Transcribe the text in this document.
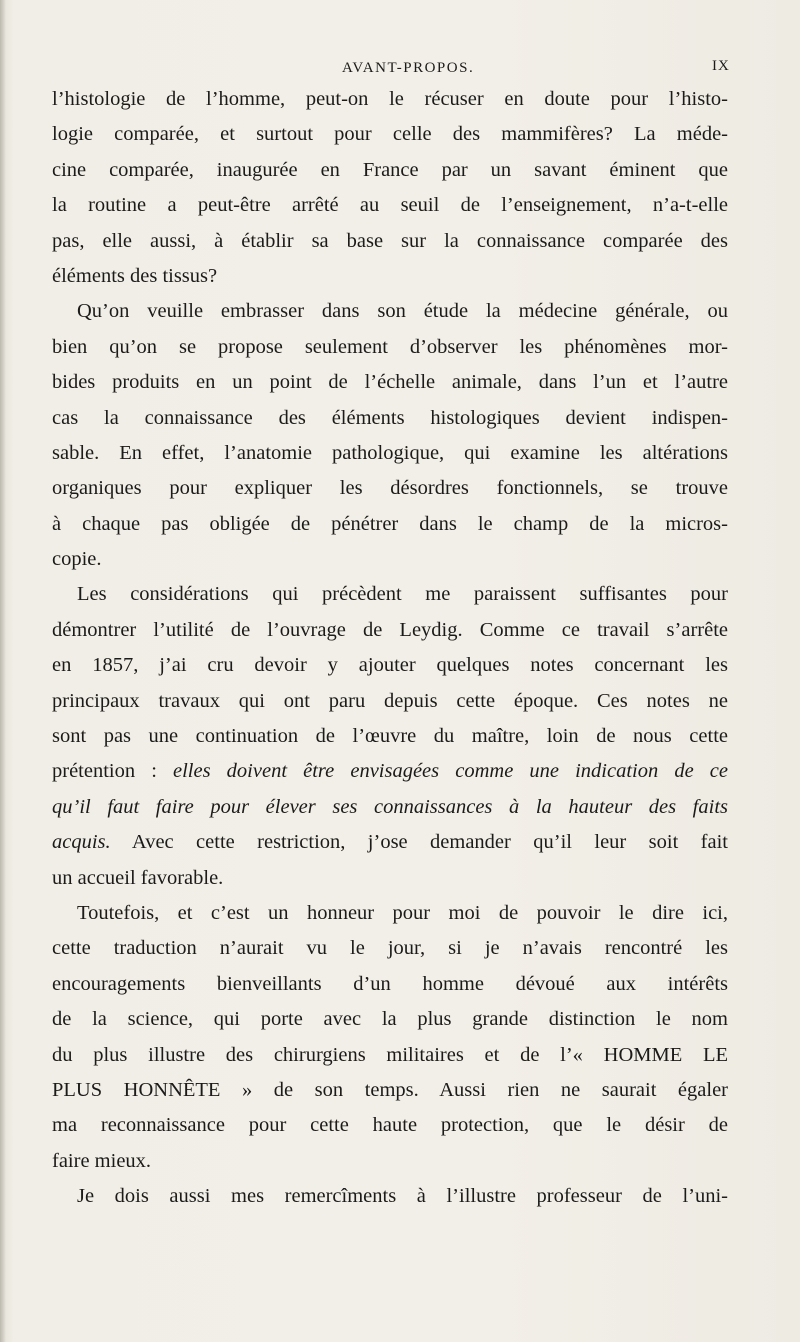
AVANT-PROPOS.	IX
l’histologie de l’homme, peut-on le récuser en doute pour l’histo-
logie comparée, et surtout pour celle des mammifères? La méde-
cine comparée, inaugurée en France par un savant éminent que
la routine a peut-être arrêté au seuil de l’enseignement, n’a-t-elle
pas, elle aussi, à établir sa base sur la connaissance comparée des
éléments des tissus?
Qu’on veuille embrasser dans son étude la médecine générale, ou
bien qu’on se propose seulement d’observer les phénomènes mor-
bides produits en un point de l’échelle animale, dans l’un et l’autre
cas la connaissance des éléments histologiques devient indispen-
sable. En effet, l’anatomie pathologique, qui examine les altérations
organiques pour expliquer les désordres fonctionnels, se trouve
à chaque pas obligée de pénétrer dans le champ de la micros-
copie.
Les considérations qui précèdent me paraissent suffisantes pour
démontrer l’utilité de l’ouvrage de Leydig. Comme ce travail s’arrête
en 1857, j’ai cru devoir y ajouter quelques notes concernant les
principaux travaux qui ont paru depuis cette époque. Ces notes ne
sont pas une continuation de l’œuvre du maître, loin de nous cette
prétention : elles doivent être envisagées comme une indication de ce
qu’il faut faire pour élever ses connaissances à la hauteur des faits
acquis. Avec cette restriction, j’ose demander qu’il leur soit fait
un accueil favorable.
Toutefois, et c’est un honneur pour moi de pouvoir le dire ici,
cette traduction n’aurait vu le jour, si je n’avais rencontré les
encouragements bienveillants d’un homme dévoué aux intérêts
de la science, qui porte avec la plus grande distinction le nom
du plus illustre des chirurgiens militaires et de l’« HOMME LE
PLUS HONNÊTE » de son temps. Aussi rien ne saurait égaler
ma reconnaissance pour cette haute protection, que le désir de
faire mieux.
Je dois aussi mes remercîments à l’illustre professeur de l’uni-
